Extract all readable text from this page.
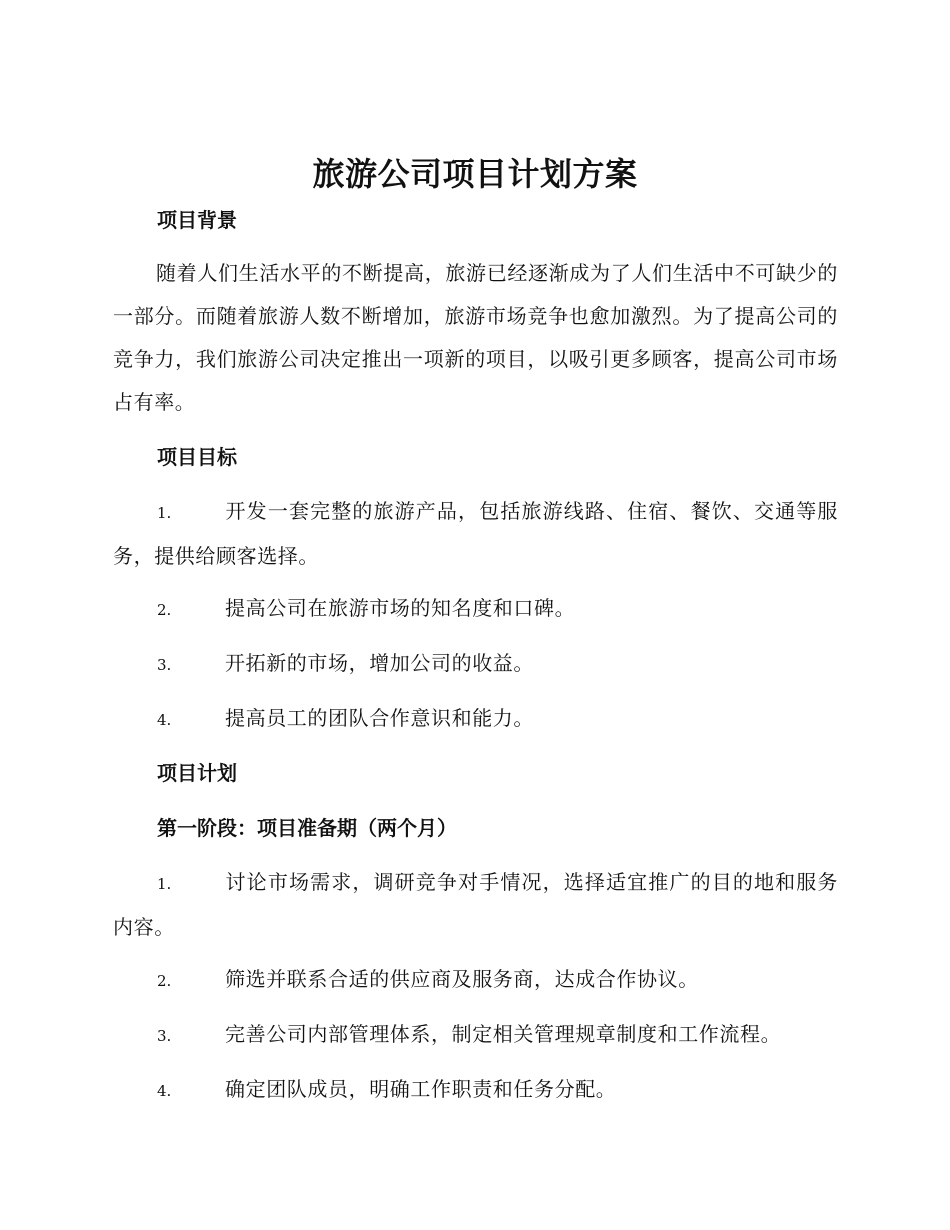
旅游公司项目计划方案
项目背景
随着人们生活水平的不断提高，旅游已经逐渐成为了人们生活中不可缺少的一部分。而随着旅游人数不断增加，旅游市场竞争也愈加激烈。为了提高公司的竞争力，我们旅游公司决定推出一项新的项目，以吸引更多顾客，提高公司市场占有率。
项目目标
1.	开发一套完整的旅游产品，包括旅游线路、住宿、餐饮、交通等服务，提供给顾客选择。
2.	提高公司在旅游市场的知名度和口碑。
3.	开拓新的市场，增加公司的收益。
4.	提高员工的团队合作意识和能力。
项目计划
第一阶段：项目准备期（两个月）
1.	讨论市场需求，调研竞争对手情况，选择适宜推广的目的地和服务内容。
2.	筛选并联系合适的供应商及服务商，达成合作协议。
3.	完善公司内部管理体系，制定相关管理规章制度和工作流程。
4.	确定团队成员，明确工作职责和任务分配。
